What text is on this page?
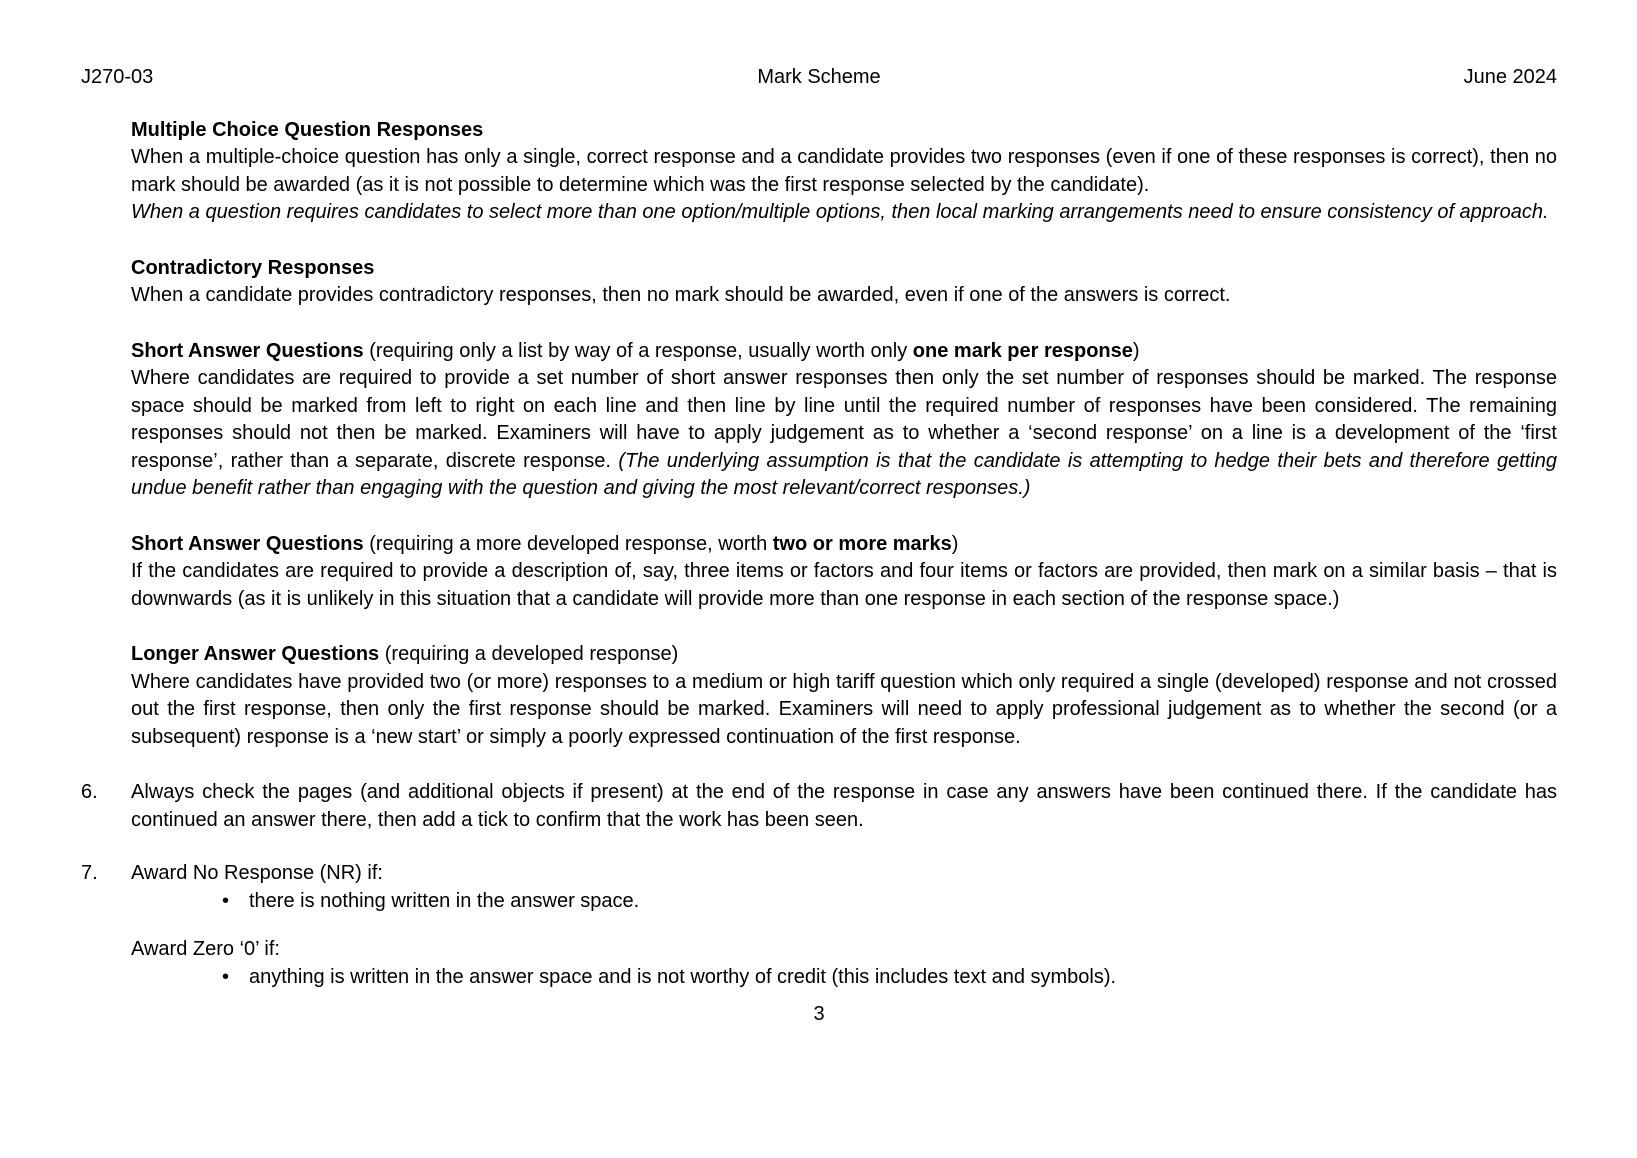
J270-03	Mark Scheme	June 2024
Multiple Choice Question Responses

When a multiple-choice question has only a single, correct response and a candidate provides two responses (even if one of these responses is correct), then no mark should be awarded (as it is not possible to determine which was the first response selected by the candidate).

When a question requires candidates to select more than one option/multiple options, then local marking arrangements need to ensure consistency of approach.

Contradictory Responses

When a candidate provides contradictory responses, then no mark should be awarded, even if one of the answers is correct.

Short Answer Questions (requiring only a list by way of a response, usually worth only one mark per response)

Where candidates are required to provide a set number of short answer responses then only the set number of responses should be marked. The response space should be marked from left to right on each line and then line by line until the required number of responses have been considered. The remaining responses should not then be marked. Examiners will have to apply judgement as to whether a ‘second response’ on a line is a development of the ‘first response’, rather than a separate, discrete response. (The underlying assumption is that the candidate is attempting to hedge their bets and therefore getting undue benefit rather than engaging with the question and giving the most relevant/correct responses.)

Short Answer Questions (requiring a more developed response, worth two or more marks)

If the candidates are required to provide a description of, say, three items or factors and four items or factors are provided, then mark on a similar basis – that is downwards (as it is unlikely in this situation that a candidate will provide more than one response in each section of the response space.)

Longer Answer Questions (requiring a developed response)

Where candidates have provided two (or more) responses to a medium or high tariff question which only required a single (developed) response and not crossed out the first response, then only the first response should be marked. Examiners will need to apply professional judgement as to whether the second (or a subsequent) response is a ‘new start’ or simply a poorly expressed continuation of the first response.

6.	Always check the pages (and additional objects if present) at the end of the response in case any answers have been continued there. If the candidate has continued an answer there, then add a tick to confirm that the work has been seen.
7.	Award No Response (NR) if:

• there is nothing written in the answer space.

Award Zero ‘0’ if:

• anything is written in the answer space and is not worthy of credit (this includes text and symbols).
3
